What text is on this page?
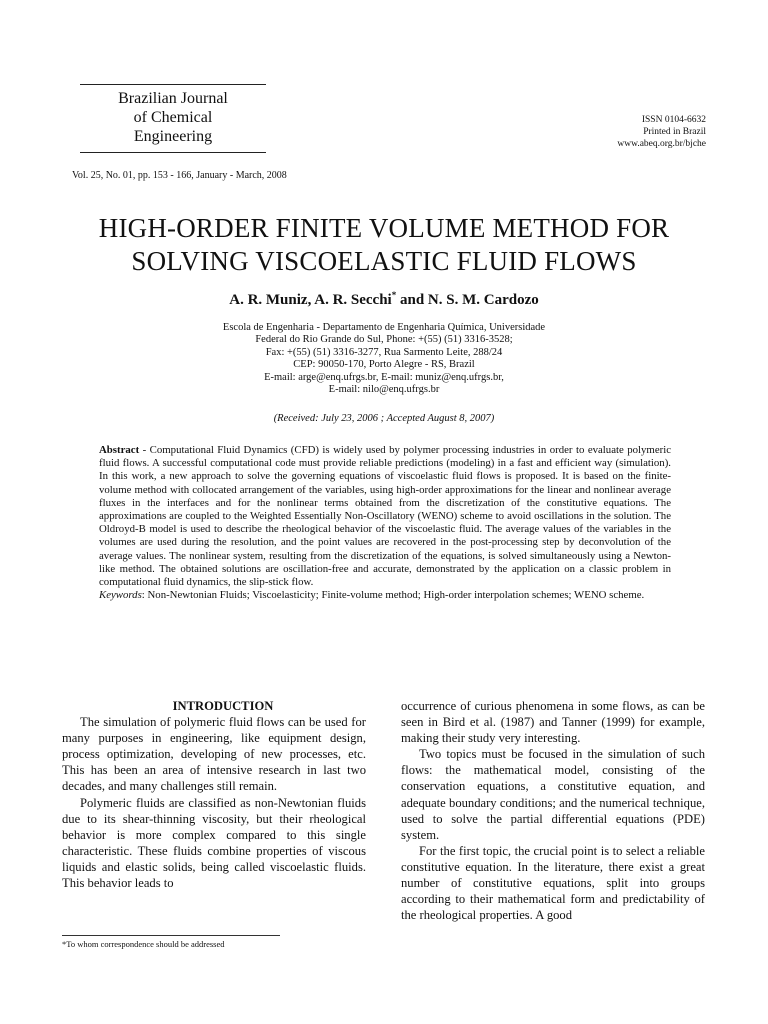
Brazilian Journal
of Chemical
Engineering
ISSN 0104-6632
Printed in Brazil
www.abeq.org.br/bjche
Vol. 25, No. 01, pp. 153 - 166, January - March, 2008
HIGH-ORDER FINITE VOLUME METHOD FOR
SOLVING VISCOELASTIC FLUID FLOWS
A. R. Muniz, A. R. Secchi* and N. S. M. Cardozo
Escola de Engenharia - Departamento de Engenharia Química, Universidade
Federal do Rio Grande do Sul, Phone: +(55) (51) 3316-3528;
Fax: +(55) (51) 3316-3277, Rua Sarmento Leite, 288/24
CEP: 90050-170, Porto Alegre - RS, Brazil
E-mail: arge@enq.ufrgs.br, E-mail: muniz@enq.ufrgs.br,
E-mail: nilo@enq.ufrgs.br
(Received: July 23, 2006 ; Accepted August 8, 2007)

Abstract - Computational Fluid Dynamics (CFD) is widely used by polymer processing industries in order to evaluate polymeric fluid flows. A successful computational code must provide reliable predictions (modeling) in a fast and efficient way (simulation). In this work, a new approach to solve the governing equations of viscoelastic fluid flows is proposed. It is based on the finite-volume method with collocated arrangement of the variables, using high-order approximations for the linear and nonlinear average fluxes in the interfaces and for the nonlinear terms obtained from the discretization of the constitutive equations. The approximations are coupled to the Weighted Essentially Non-Oscillatory (WENO) scheme to avoid oscillations in the solution. The Oldroyd-B model is used to describe the rheological behavior of the viscoelastic fluid. The average values of the variables in the volumes are used during the resolution, and the point values are recovered in the post-processing step by deconvolution of the average values. The nonlinear system, resulting from the discretization of the equations, is solved simultaneously using a Newton-like method. The obtained solutions are oscillation-free and accurate, demonstrated by the application on a classic problem in computational fluid dynamics, the slip-stick flow.

Keywords: Non-Newtonian Fluids; Viscoelasticity; Finite-volume method; High-order interpolation schemes; WENO scheme.

INTRODUCTION

The simulation of polymeric fluid flows can be used for many purposes in engineering, like equipment design, process optimization, developing of new processes, etc. This has been an area of intensive research in last two decades, and many challenges still remain.

Polymeric fluids are classified as non-Newtonian fluids due to its shear-thinning viscosity, but their rheological behavior is more complex compared to this single characteristic. These fluids combine properties of viscous liquids and elastic solids, being called viscoelastic fluids. This behavior leads to

occurrence of curious phenomena in some flows, as can be seen in Bird et al. (1987) and Tanner (1999) for example, making their study very interesting.

Two topics must be focused in the simulation of such flows: the mathematical model, consisting of the conservation equations, a constitutive equation, and adequate boundary conditions; and the numerical technique, used to solve the partial differential equations (PDE) system.

For the first topic, the crucial point is to select a reliable constitutive equation. In the literature, there exist a great number of constitutive equations, split into groups according to their mathematical form and predictability of the rheological properties. A good

*To whom correspondence should be addressed
